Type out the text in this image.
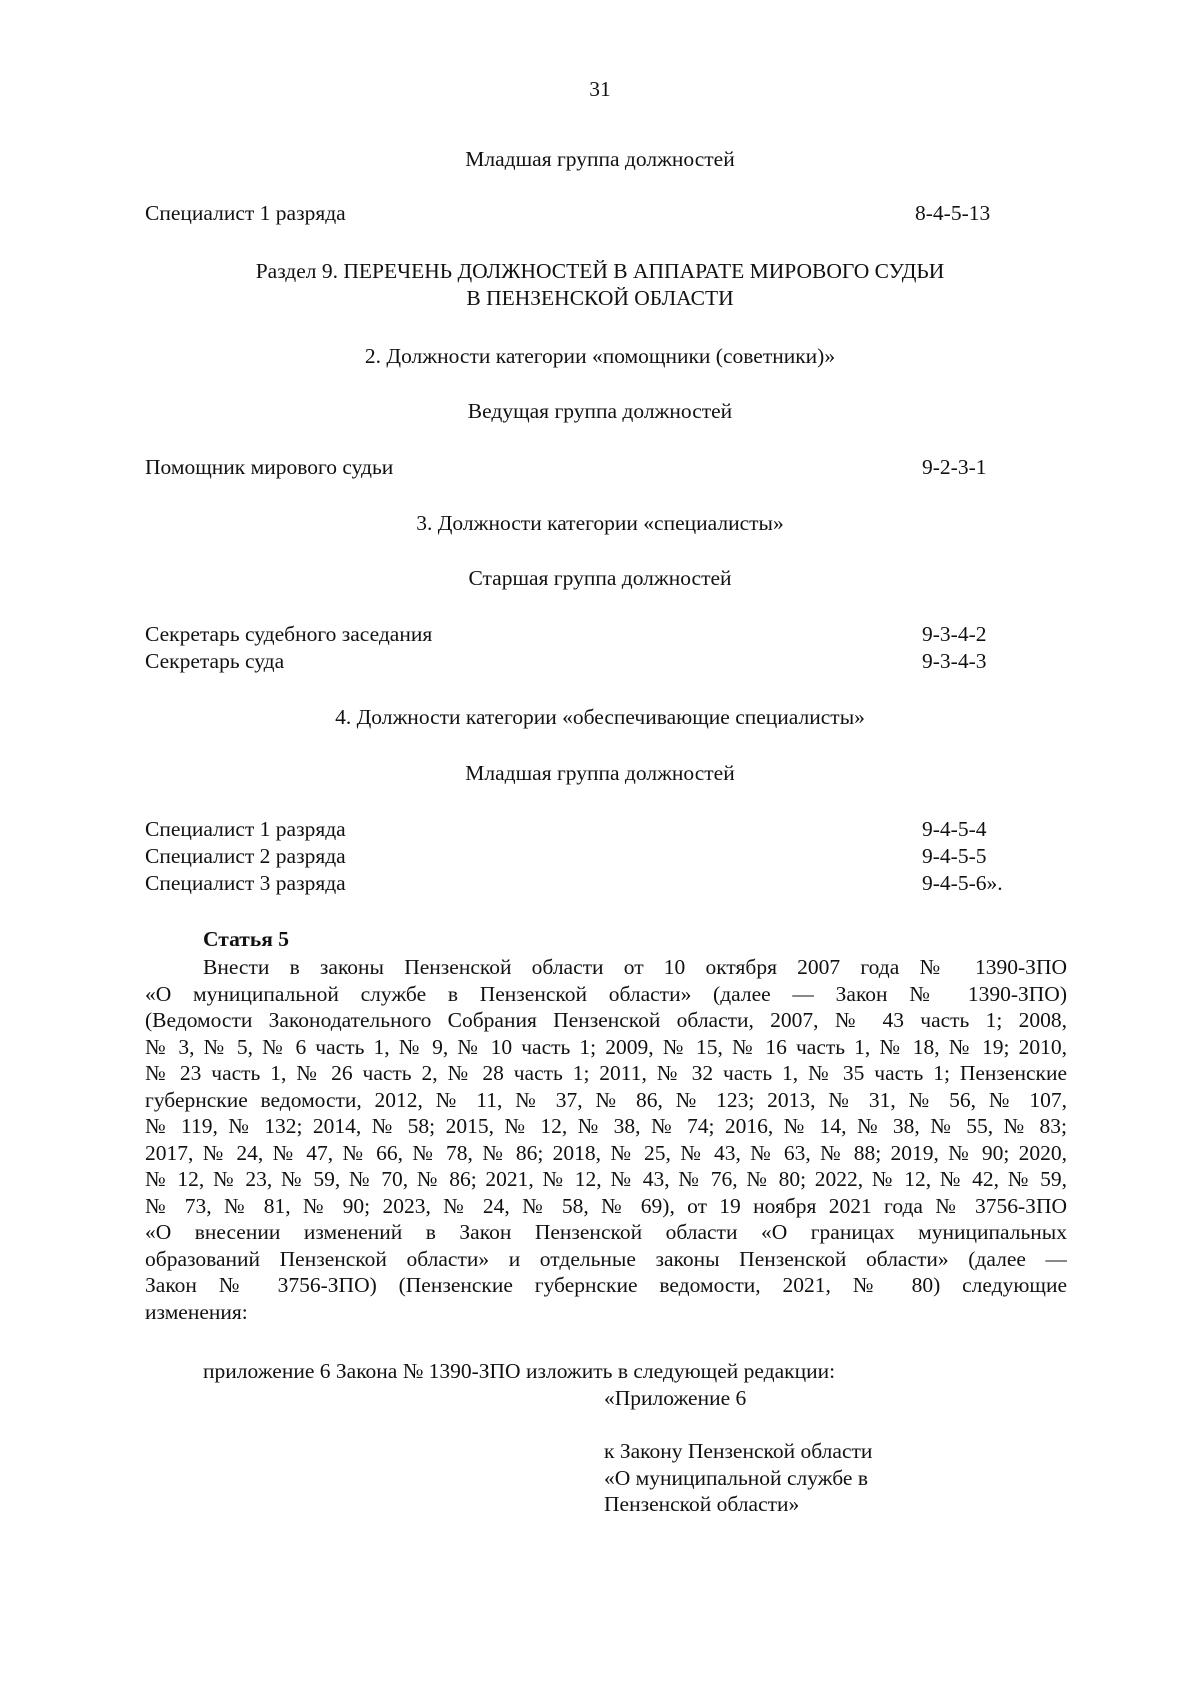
31

Младшая группа должностей

Специалист 1 разряда	8-4-5-13

Раздел 9. ПЕРЕЧЕНЬ ДОЛЖНОСТЕЙ В АППАРАТЕ МИРОВОГО СУДЬИ
В ПЕНЗЕНСКОЙ ОБЛАСТИ

2. Должности категории «помощники (советники)»

Ведущая группа должностей

Помощник мирового судьи	9-2-3-1

3. Должности категории «специалисты»

Старшая группа должностей

Секретарь судебного заседания	9-3-4-2

Секретарь суда	9-3-4-3

4. Должности категории «обеспечивающие специалисты»

Младшая группа должностей

Специалист 1 разряда	9-4-5-4

Специалист 2 разряда	9-4-5-5

Специалист 3 разряда	9-4-5-6».

Статья 5

Внести в законы Пензенской области от 10 октября 2007 года № 1390-ЗПО
«О муниципальной службе в Пензенской области» (далее — Закон № 1390-ЗПО)
(Ведомости Законодательного Собрания Пензенской области, 2007, № 43 часть 1; 2008,
№ 3, № 5, № 6 часть 1, № 9, № 10 часть 1; 2009, № 15, № 16 часть 1, № 18, № 19; 2010,
№ 23 часть 1, № 26 часть 2, № 28 часть 1; 2011, № 32 часть 1, № 35 часть 1; Пензенские
губернские ведомости, 2012, № 11, № 37, № 86, № 123; 2013, № 31, № 56, № 107,
№ 119, № 132; 2014, № 58; 2015, № 12, № 38, № 74; 2016, № 14, № 38, № 55, № 83;
2017, № 24, № 47, № 66, № 78, № 86; 2018, № 25, № 43, № 63, № 88; 2019, № 90; 2020,
№ 12, № 23, № 59, № 70, № 86; 2021, № 12, № 43, № 76, № 80; 2022, № 12, № 42, № 59,
№ 73, № 81, № 90; 2023, № 24, № 58, № 69), от 19 ноября 2021 года № 3756-ЗПО
«О внесении изменений в Закон Пензенской области «О границах муниципальных
образований Пензенской области» и отдельные законы Пензенской области» (далее —
Закон № 3756-ЗПО) (Пензенские губернские ведомости, 2021, № 80) следующие
изменения:

приложение 6 Закона № 1390-ЗПО изложить в следующей редакции:

«Приложение 6
к Закону Пензенской области
«О муниципальной службе в
Пензенской области»
